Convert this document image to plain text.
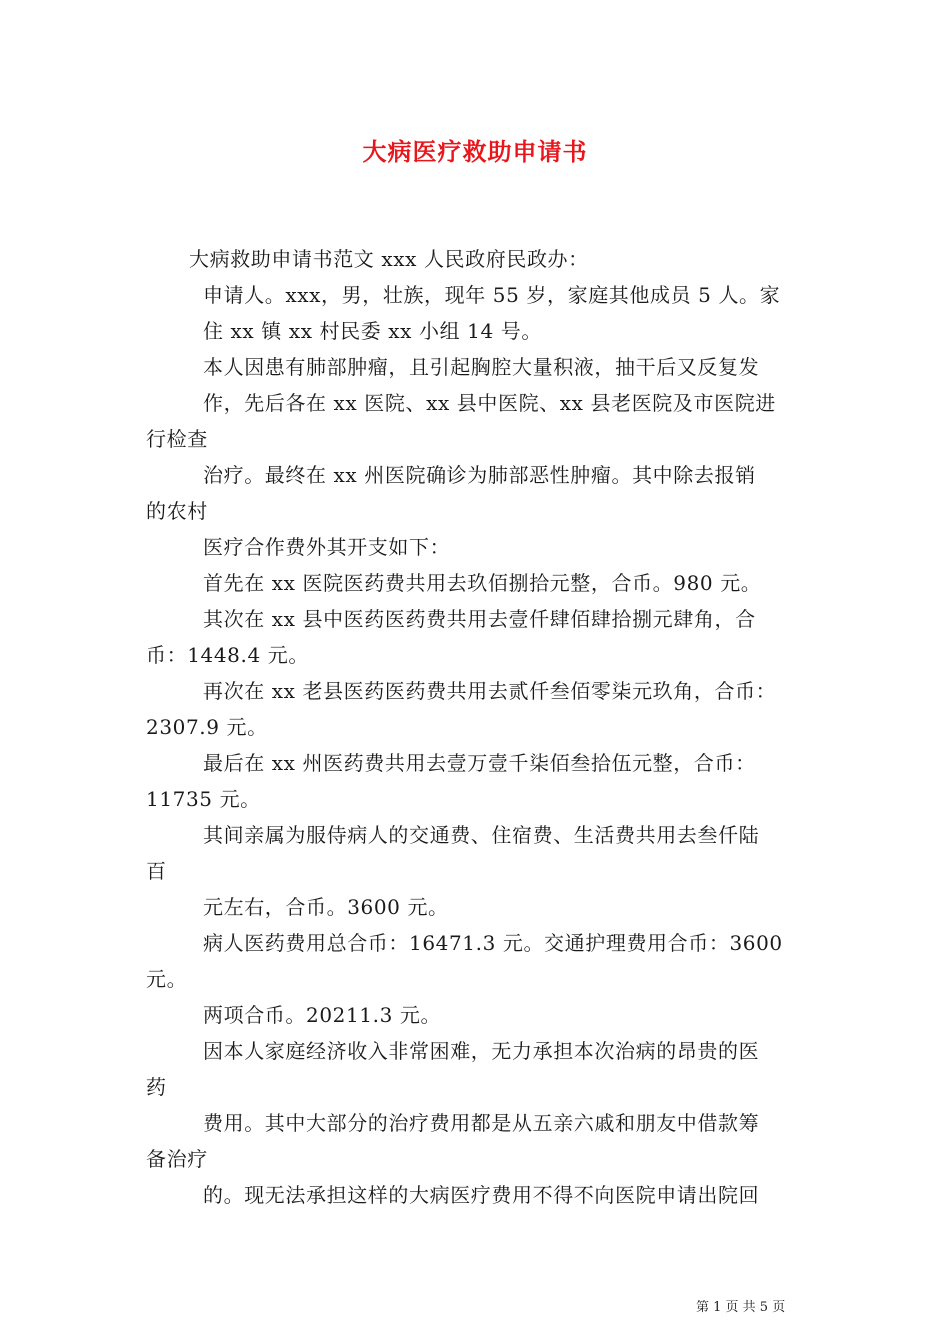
大病医疗救助申请书
大病救助申请书范文 xxx 人民政府民政办：
申请人。xxx，男，壮族，现年 55 岁，家庭其他成员 5 人。家
住 xx 镇 xx 村民委 xx 小组 14 号。
本人因患有肺部肿瘤，且引起胸腔大量积液，抽干后又反复发
作，先后各在 xx 医院、xx 县中医院、xx 县老医院及市医院进
行检查
治疗。最终在 xx 州医院确诊为肺部恶性肿瘤。其中除去报销
的农村
医疗合作费外其开支如下：
首先在 xx 医院医药费共用去玖佰捌拾元整，合币。980 元。
其次在 xx 县中医药医药费共用去壹仟肆佰肆拾捌元肆角，合
币：1448.4 元。
再次在 xx 老县医药医药费共用去贰仟叁佰零柒元玖角，合币：
2307.9 元。
最后在 xx 州医药费共用去壹万壹千柒佰叁拾伍元整，合币：
11735 元。
其间亲属为服侍病人的交通费、住宿费、生活费共用去叁仟陆
百
元左右，合币。3600 元。
病人医药费用总合币：16471.3 元。交通护理费用合币：3600
元。
两项合币。20211.3 元。
因本人家庭经济收入非常困难，无力承担本次治病的昂贵的医
药
费用。其中大部分的治疗费用都是从五亲六戚和朋友中借款筹
备治疗
的。现无法承担这样的大病医疗费用不得不向医院申请出院回
第 1 页 共 5 页
